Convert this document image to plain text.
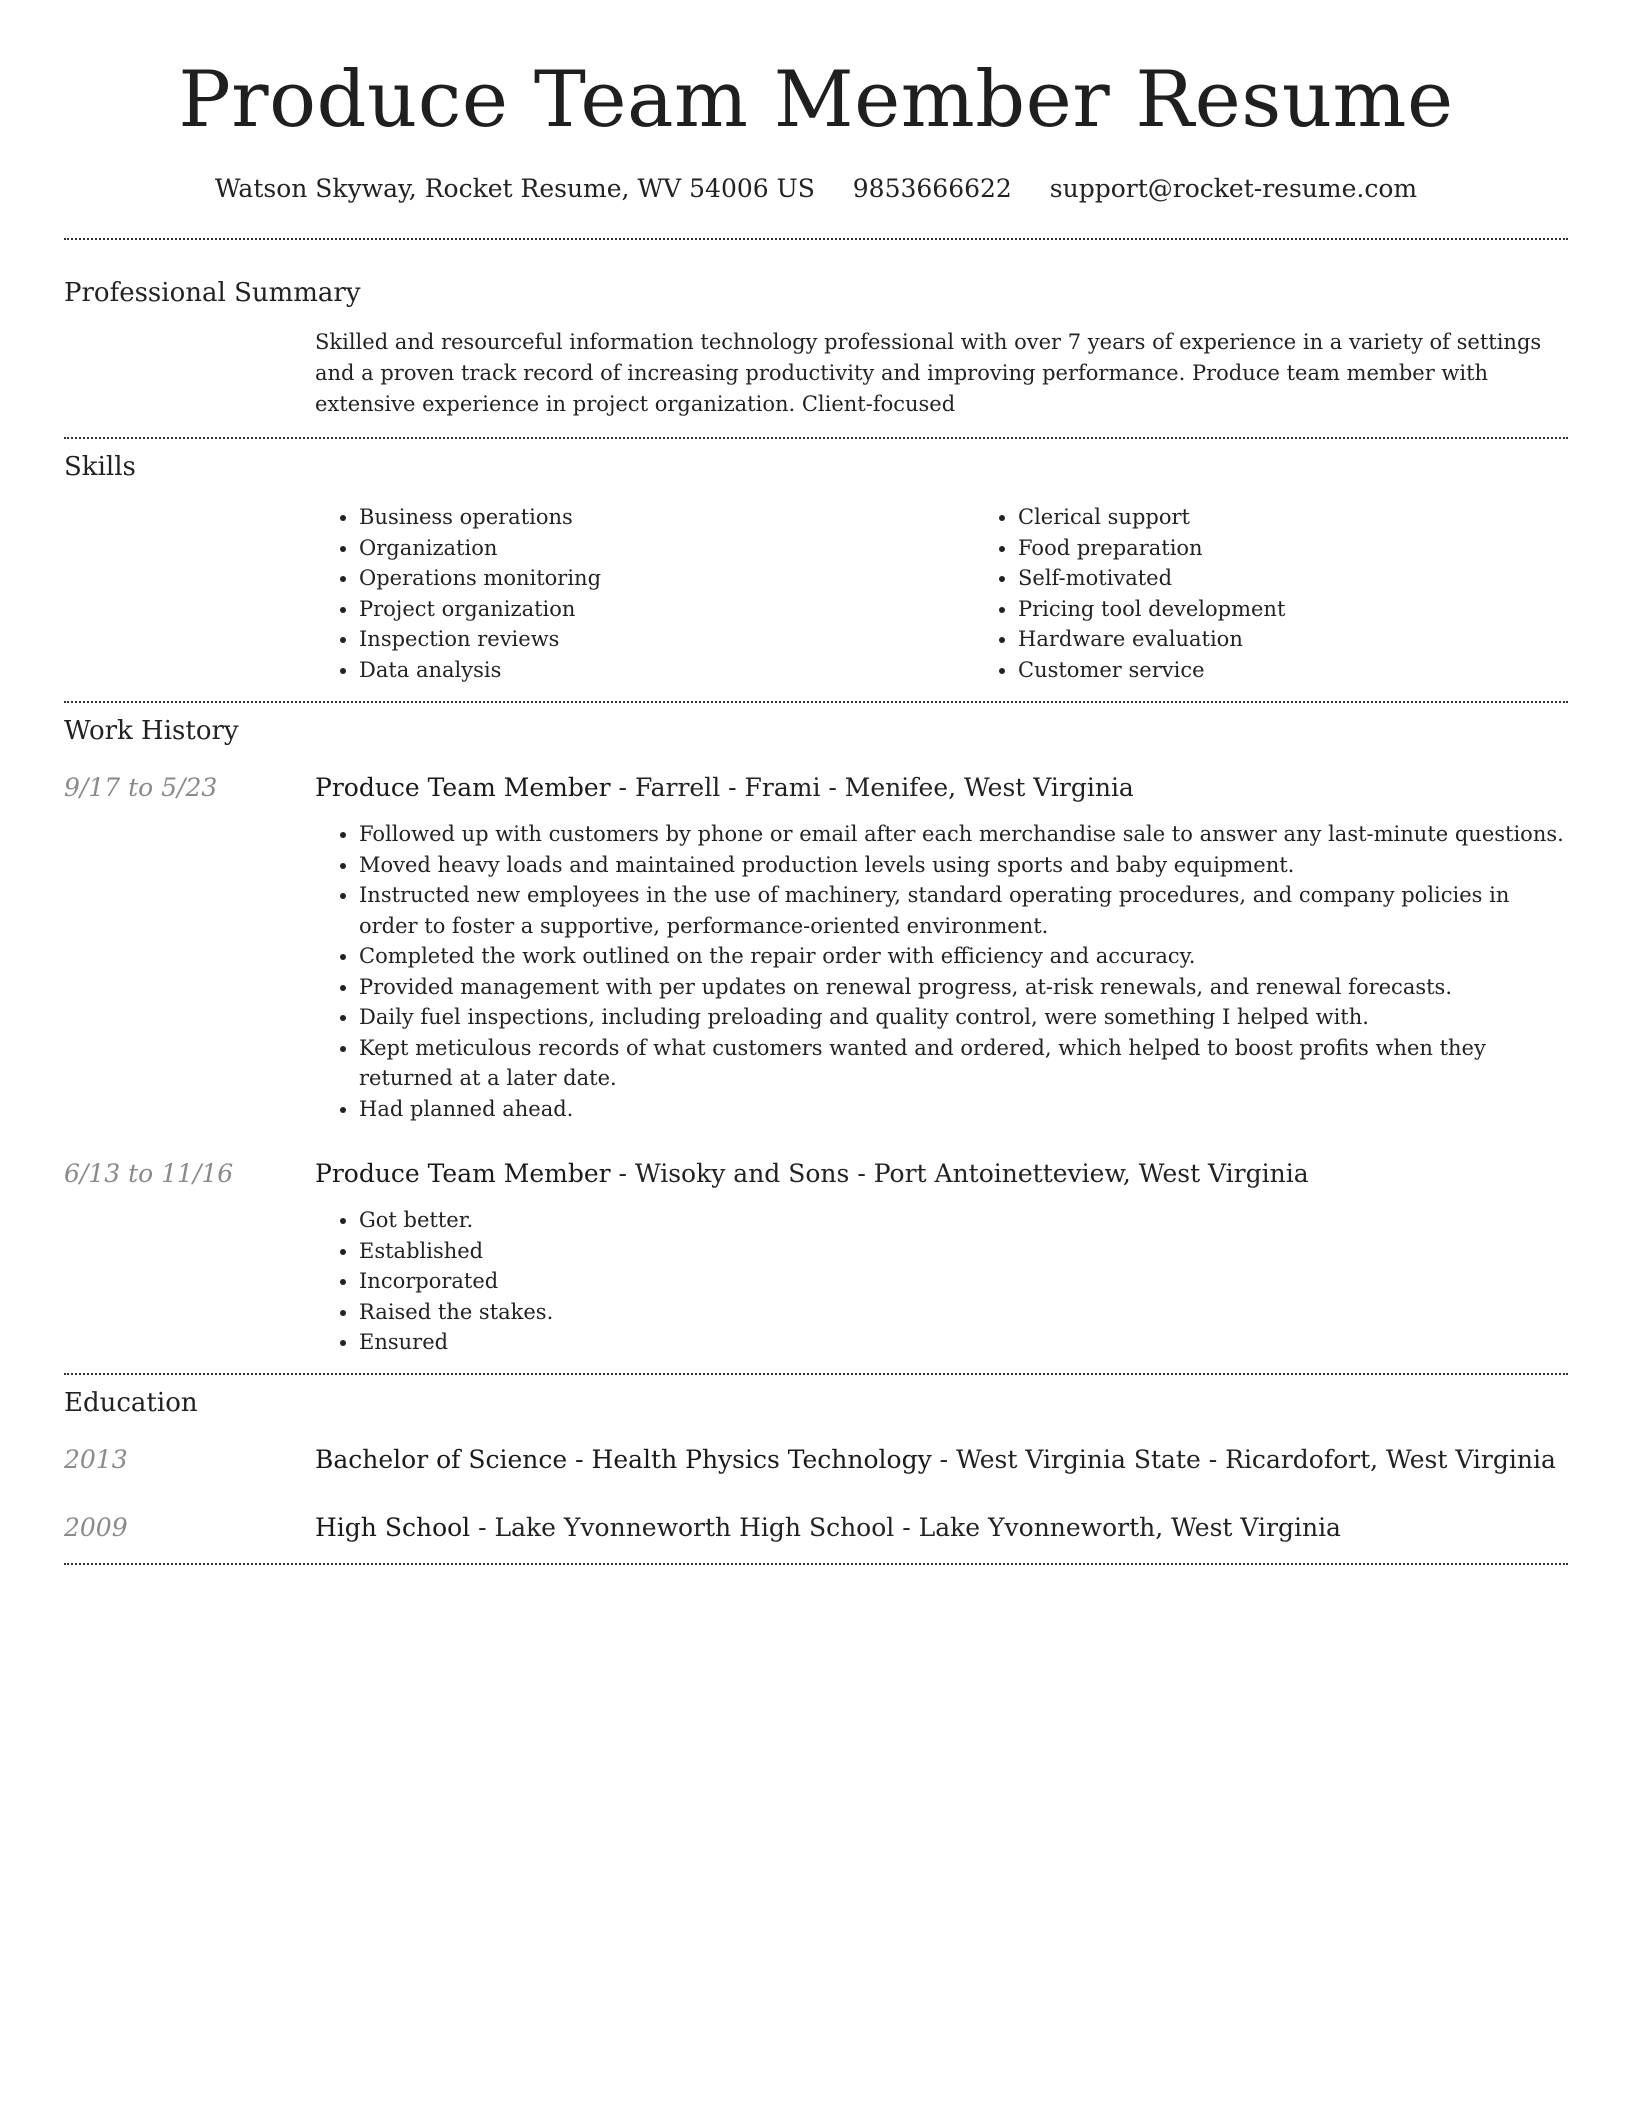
Produce Team Member Resume
Watson Skyway, Rocket Resume, WV 54006 US 9853666622 support@rocket-resume.com
Professional Summary

Skilled and resourceful information technology professional with over 7 years of experience in a variety of settings and a proven track record of increasing productivity and improving performance. Produce team member with extensive experience in project organization. Client-focused

Skills
• Business operations
• Organization
• Operations monitoring
• Project organization
• Inspection reviews
• Data analysis
• Clerical support
• Food preparation
• Self-motivated
• Pricing tool development
• Hardware evaluation
• Customer service
Work History
9/17 to 5/23	Produce Team Member - Farrell - Frami - Menifee, West Virginia
• Followed up with customers by phone or email after each merchandise sale to answer any last-minute questions.
• Moved heavy loads and maintained production levels using sports and baby equipment.
• Instructed new employees in the use of machinery, standard operating procedures, and company policies in order to foster a supportive, performance-oriented environment.
• Completed the work outlined on the repair order with efficiency and accuracy.
• Provided management with per updates on renewal progress, at-risk renewals, and renewal forecasts.
• Daily fuel inspections, including preloading and quality control, were something I helped with.
• Kept meticulous records of what customers wanted and ordered, which helped to boost profits when they returned at a later date.
• Had planned ahead.
6/13 to 11/16	Produce Team Member - Wisoky and Sons - Port Antoinetteview, West Virginia
• Got better.
• Established
• Incorporated
• Raised the stakes.
• Ensured
Education
2013	Bachelor of Science - Health Physics Technology - West Virginia State - Ricardofort, West Virginia
2009	High School - Lake Yvonneworth High School - Lake Yvonneworth, West Virginia
